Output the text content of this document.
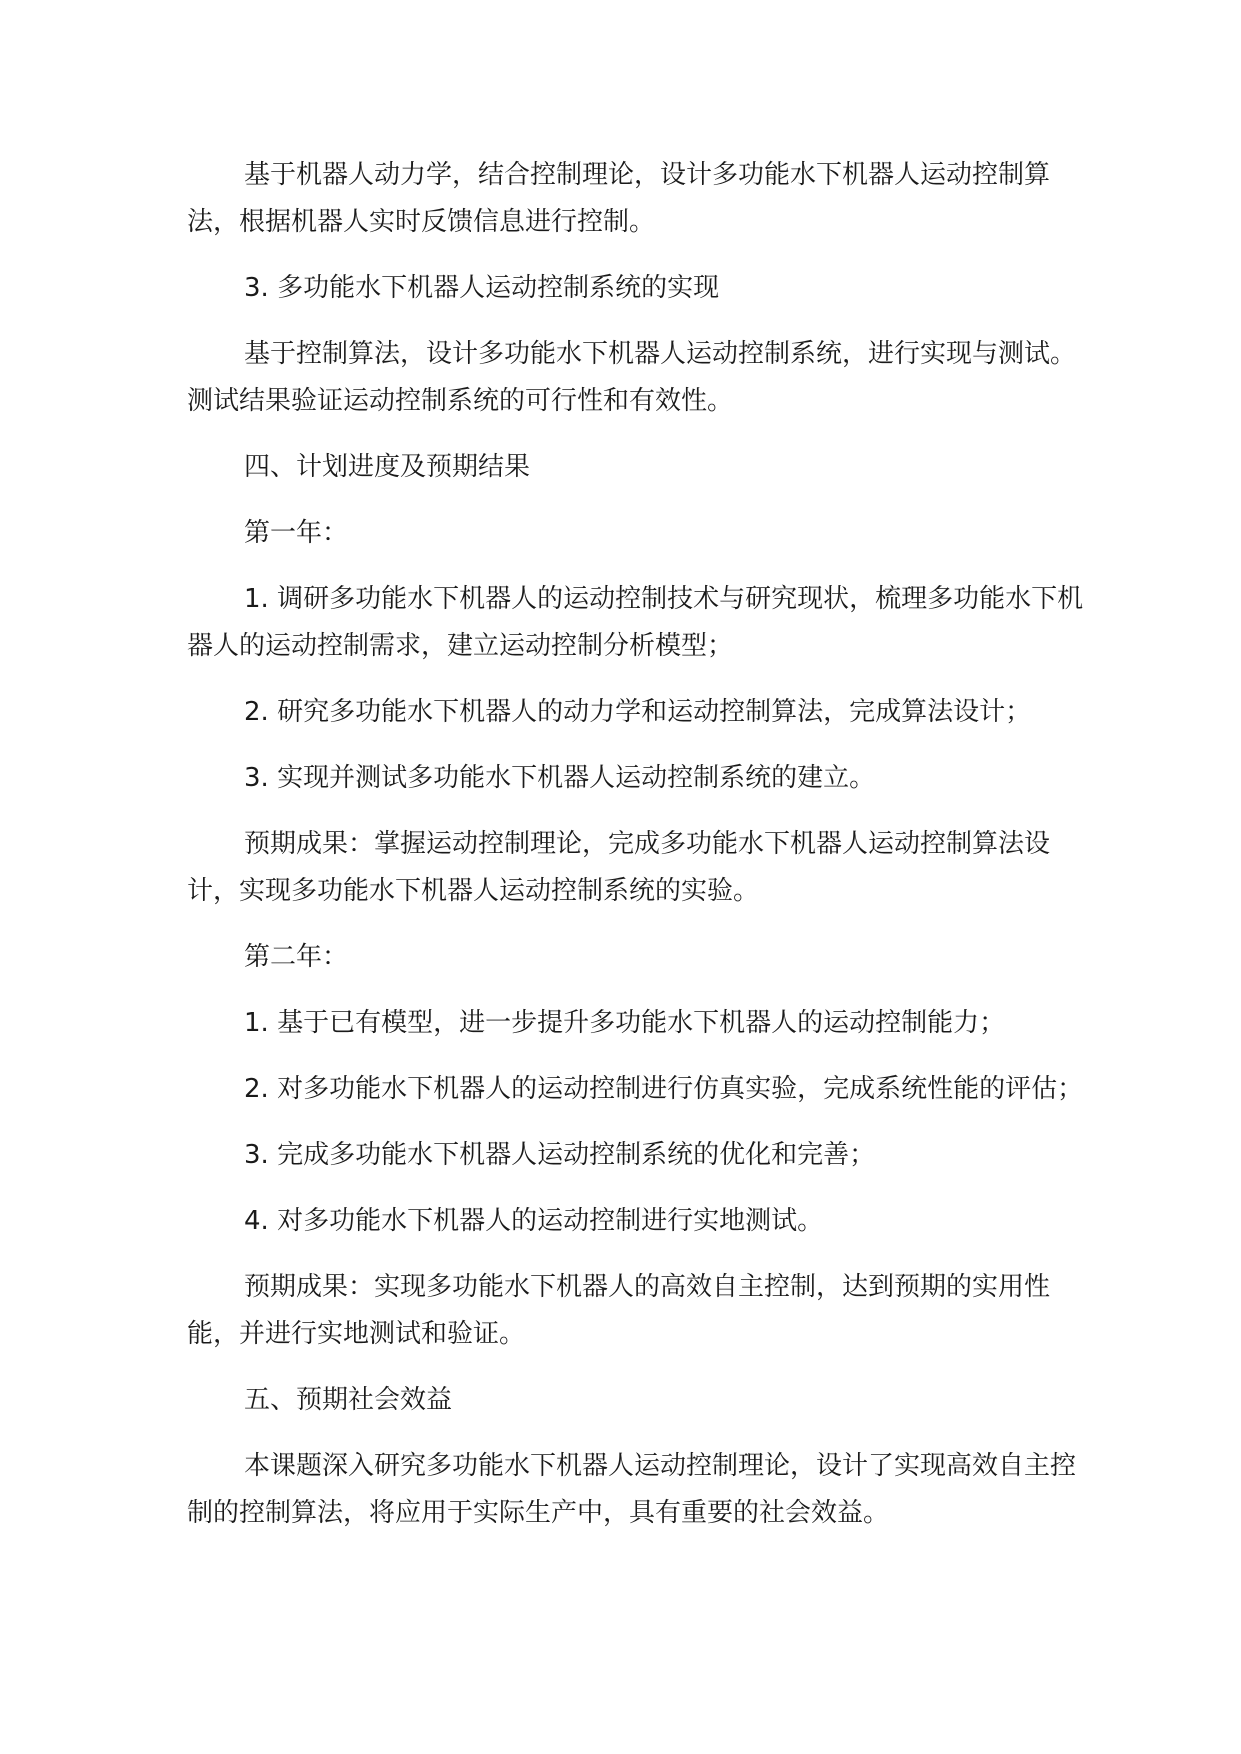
基于机器人动力学，结合控制理论，设计多功能水下机器人运动控制算法，根据机器人实时反馈信息进行控制。

3. 多功能水下机器人运动控制系统的实现

基于控制算法，设计多功能水下机器人运动控制系统，进行实现与测试。测试结果验证运动控制系统的可行性和有效性。

四、计划进度及预期结果

第一年：

1. 调研多功能水下机器人的运动控制技术与研究现状，梳理多功能水下机器人的运动控制需求，建立运动控制分析模型；

2. 研究多功能水下机器人的动力学和运动控制算法，完成算法设计；

3. 实现并测试多功能水下机器人运动控制系统的建立。

预期成果：掌握运动控制理论，完成多功能水下机器人运动控制算法设计，实现多功能水下机器人运动控制系统的实验。

第二年：

1. 基于已有模型，进一步提升多功能水下机器人的运动控制能力；

2. 对多功能水下机器人的运动控制进行仿真实验，完成系统性能的评估；

3. 完成多功能水下机器人运动控制系统的优化和完善；

4. 对多功能水下机器人的运动控制进行实地测试。

预期成果：实现多功能水下机器人的高效自主控制，达到预期的实用性能，并进行实地测试和验证。

五、预期社会效益

本课题深入研究多功能水下机器人运动控制理论，设计了实现高效自主控制的控制算法，将应用于实际生产中，具有重要的社会效益。
